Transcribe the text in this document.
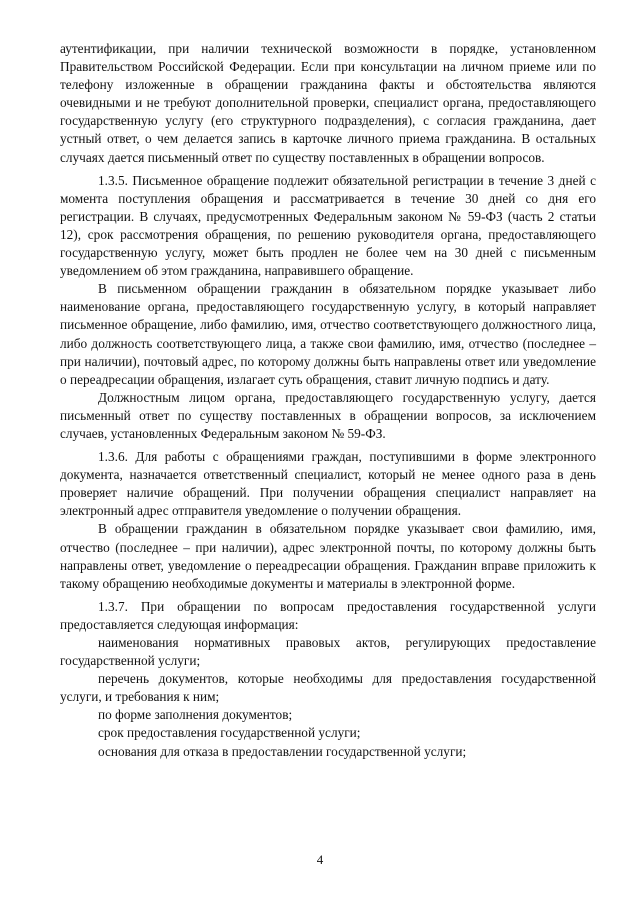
аутентификации, при наличии технической возможности в порядке, установленном Правительством Российской Федерации. Если при консультации на личном приеме или по телефону изложенные в обращении гражданина факты и обстоятельства являются очевидными и не требуют дополнительной проверки, специалист органа, предоставляющего государственную услугу (его структурного подразделения), с согласия гражданина, дает устный ответ, о чем делается запись в карточке личного приема гражданина. В остальных случаях дается письменный ответ по существу поставленных в обращении вопросов.

1.3.5. Письменное обращение подлежит обязательной регистрации в течение 3 дней с момента поступления обращения и рассматривается в течение 30 дней со дня его регистрации. В случаях, предусмотренных Федеральным законом № 59-ФЗ (часть 2 статьи 12), срок рассмотрения обращения, по решению руководителя органа, предоставляющего государственную услугу, может быть продлен не более чем на 30 дней с письменным уведомлением об этом гражданина, направившего обращение.

В письменном обращении гражданин в обязательном порядке указывает либо наименование органа, предоставляющего государственную услугу, в который направляет письменное обращение, либо фамилию, имя, отчество соответствующего должностного лица, либо должность соответствующего лица, а также свои фамилию, имя, отчество (последнее – при наличии), почтовый адрес, по которому должны быть направлены ответ или уведомление о переадресации обращения, излагает суть обращения, ставит личную подпись и дату.

Должностным лицом органа, предоставляющего государственную услугу, дается письменный ответ по существу поставленных в обращении вопросов, за исключением случаев, установленных Федеральным законом № 59-ФЗ.

1.3.6. Для работы с обращениями граждан, поступившими в форме электронного документа, назначается ответственный специалист, который не менее одного раза в день проверяет наличие обращений. При получении обращения специалист направляет на электронный адрес отправителя уведомление о получении обращения.

В обращении гражданин в обязательном порядке указывает свои фамилию, имя, отчество (последнее – при наличии), адрес электронной почты, по которому должны быть направлены ответ, уведомление о переадресации обращения. Гражданин вправе приложить к такому обращению необходимые документы и материалы в электронной форме.

1.3.7. При обращении по вопросам предоставления государственной услуги предоставляется следующая информация:

наименования нормативных правовых актов, регулирующих предоставление государственной услуги;

перечень документов, которые необходимы для предоставления государственной услуги, и требования к ним;

по форме заполнения документов;

срок предоставления государственной услуги;

основания для отказа в предоставлении государственной услуги;

4
